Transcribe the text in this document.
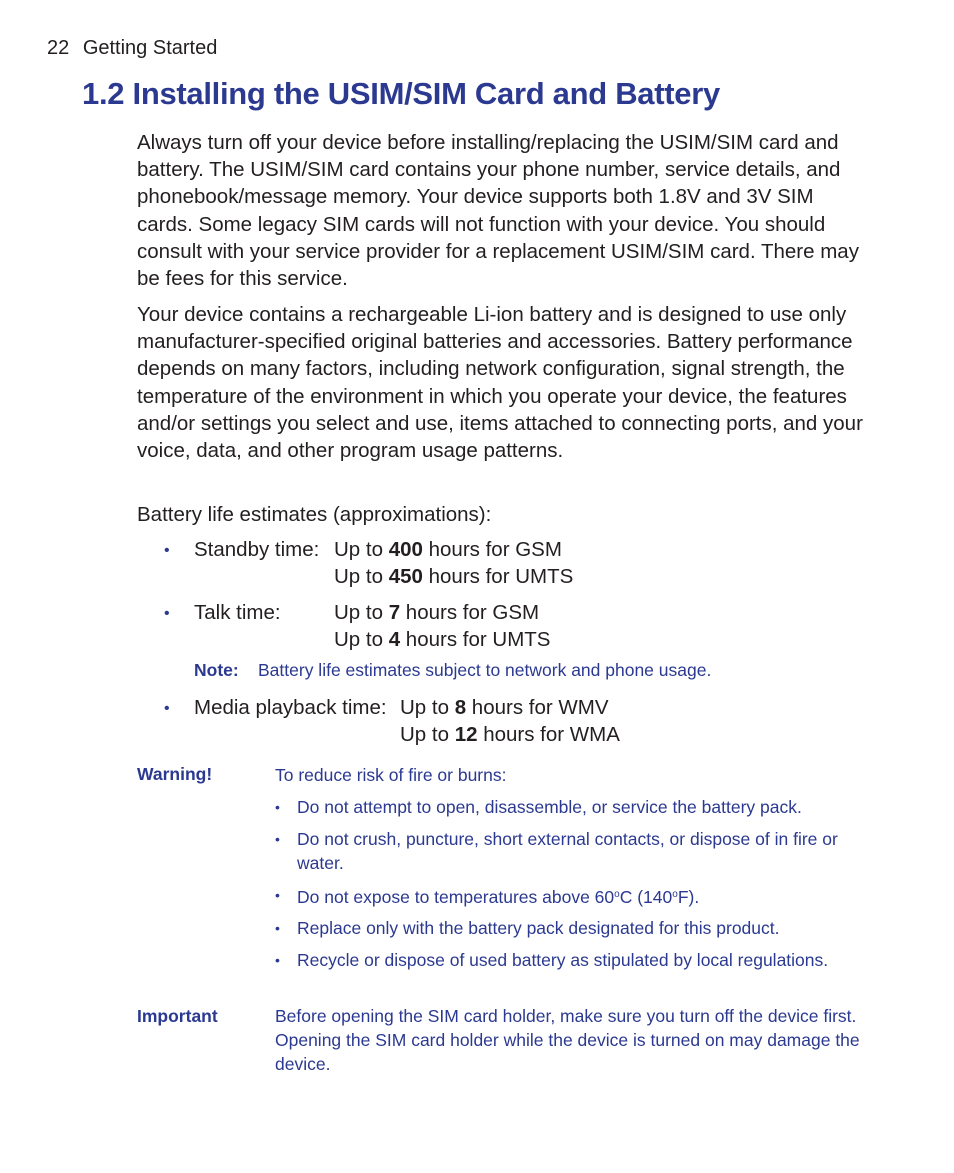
22 Getting Started
1.2 Installing the USIM/SIM Card and Battery
Always turn off your device before installing/replacing the USIM/SIM card and battery. The USIM/SIM card contains your phone number, service details, and phonebook/message memory. Your device supports both 1.8V and 3V SIM cards. Some legacy SIM cards will not function with your device. You should consult with your service provider for a replacement USIM/SIM card. There may be fees for this service.
Your device contains a rechargeable Li-ion battery and is designed to use only manufacturer-specified original batteries and accessories. Battery performance depends on many factors, including network configuration, signal strength, the temperature of the environment in which you operate your device, the features and/or settings you select and use, items attached to connecting ports, and your voice, data, and other program usage patterns.
Battery life estimates (approximations):
• Standby time: Up to 400 hours for GSM
Up to 450 hours for UMTS
• Talk time:	Up to 7 hours for GSM
Up to 4 hours for UMTS
Note: Battery life estimates subject to network and phone usage.
• Media playback time: Up to 8 hours for WMV
Up to 12 hours for WMA
Warning!	To reduce risk of fire or burns:
• Do not attempt to open, disassemble, or service the battery pack.
• Do not crush, puncture, short external contacts, or dispose of in fire or water.
• Do not expose to temperatures above 60$^o$C (140$^o$F).
• Replace only with the battery pack designated for this product.
• Recycle or dispose of used battery as stipulated by local regulations.
Important	Before opening the SIM card holder, make sure you turn off the device first. Opening the SIM card holder while the device is turned on may damage the device.
